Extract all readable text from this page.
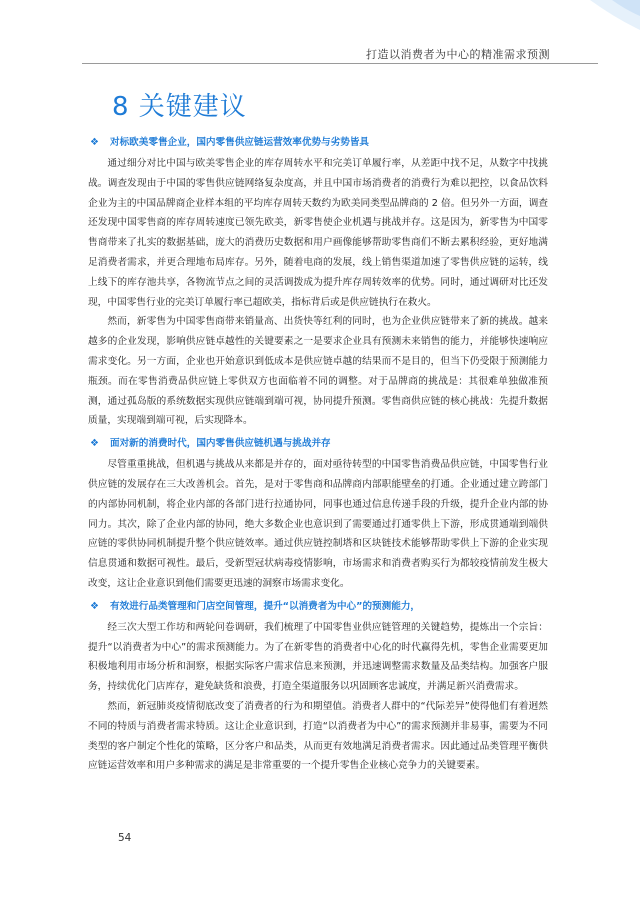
打造以消费者为中心的精准需求预测
8 关键建议
❖ 对标欧美零售企业，国内零售供应链运营效率优势与劣势皆具

通过细分对比中国与欧美零售企业的库存周转水平和完美订单履行率，从差距中找不足，从数字中找挑战。调查发现由于中国的零售供应链网络复杂度高，并且中国市场消费者的消费行为难以把控，以食品饮料企业为主的中国品牌商企业样本组的平均库存周转天数约为欧美同类型品牌商的 2 倍。但另外一方面，调查还发现中国零售商的库存周转速度已领先欧美，新零售使企业机遇与挑战并存。这是因为，新零售为中国零售商带来了扎实的数据基础，庞大的消费历史数据和用户画像能够帮助零售商们不断去累积经验，更好地满足消费者需求，并更合理地布局库存。另外，随着电商的发展，线上销售渠道加速了零售供应链的运转，线上线下的库存池共享，各物流节点之间的灵活调拨成为提升库存周转效率的优势。同时，通过调研对比还发现，中国零售行业的完美订单履行率已超欧美，指标背后或是供应链执行在救火。

然而，新零售为中国零售商带来销量高、出货快等红利的同时，也为企业供应链带来了新的挑战。越来越多的企业发现，影响供应链卓越性的关键要素之一是要求企业具有预测未来销售的能力，并能够快速响应需求变化。另一方面，企业也开始意识到低成本是供应链卓越的结果而不是目的，但当下仍受限于预测能力瓶颈。而在零售消费品供应链上零供双方也面临着不同的调整。对于品牌商的挑战是：其很难单独做准预测，通过孤岛版的系统数据实现供应链端到端可视，协同提升预测。零售商供应链的核心挑战：先提升数据质量，实现端到端可视，后实现降本。

❖ 面对新的消费时代，国内零售供应链机遇与挑战并存

尽管重重挑战，但机遇与挑战从来都是并存的，面对亟待转型的中国零售消费品供应链，中国零售行业供应链的发展存在三大改善机会。首先，是对于零售商和品牌商内部职能壁垒的打通。企业通过建立跨部门的内部协同机制，将企业内部的各部门进行拉通协同，同事也通过信息传递手段的升级，提升企业内部的协同力。其次，除了企业内部的协同，绝大多数企业也意识到了需要通过打通零供上下游，形成贯通端到端供应链的零供协同机制提升整个供应链效率。通过供应链控制塔和区块链技术能够帮助零供上下游的企业实现信息贯通和数据可视性。最后，受新型冠状病毒疫情影响，市场需求和消费者购买行为都较疫情前发生极大改变，这让企业意识到他们需要更迅速的洞察市场需求变化。

❖ 有效进行品类管理和门店空间管理，提升“以消费者为中心”的预测能力，

经三次大型工作坊和两轮问卷调研，我们梳理了中国零售业供应链管理的关键趋势，提炼出一个宗旨：提升“以消费者为中心”的需求预测能力。为了在新零售的消费者中心化的时代赢得先机，零售企业需要更加积极地利用市场分析和洞察，根据实际客户需求信息来预测，并迅速调整需求数量及品类结构。加强客户服务，持续优化门店库存，避免缺货和浪费，打造全渠道服务以巩固顾客忠诚度，并满足新兴消费需求。

然而，新冠肺炎疫情彻底改变了消费者的行为和期望值。消费者人群中的“代际差异”使得他们有着迥然不同的特质与消费者需求特质。这让企业意识到，打造“以消费者为中心”的需求预测并非易事，需要为不同类型的客户制定个性化的策略，区分客户和品类，从而更有效地满足消费者需求。因此通过品类管理平衡供应链运营效率和用户多种需求的满足是非常重要的一个提升零售企业核心竞争力的关键要素。

54
